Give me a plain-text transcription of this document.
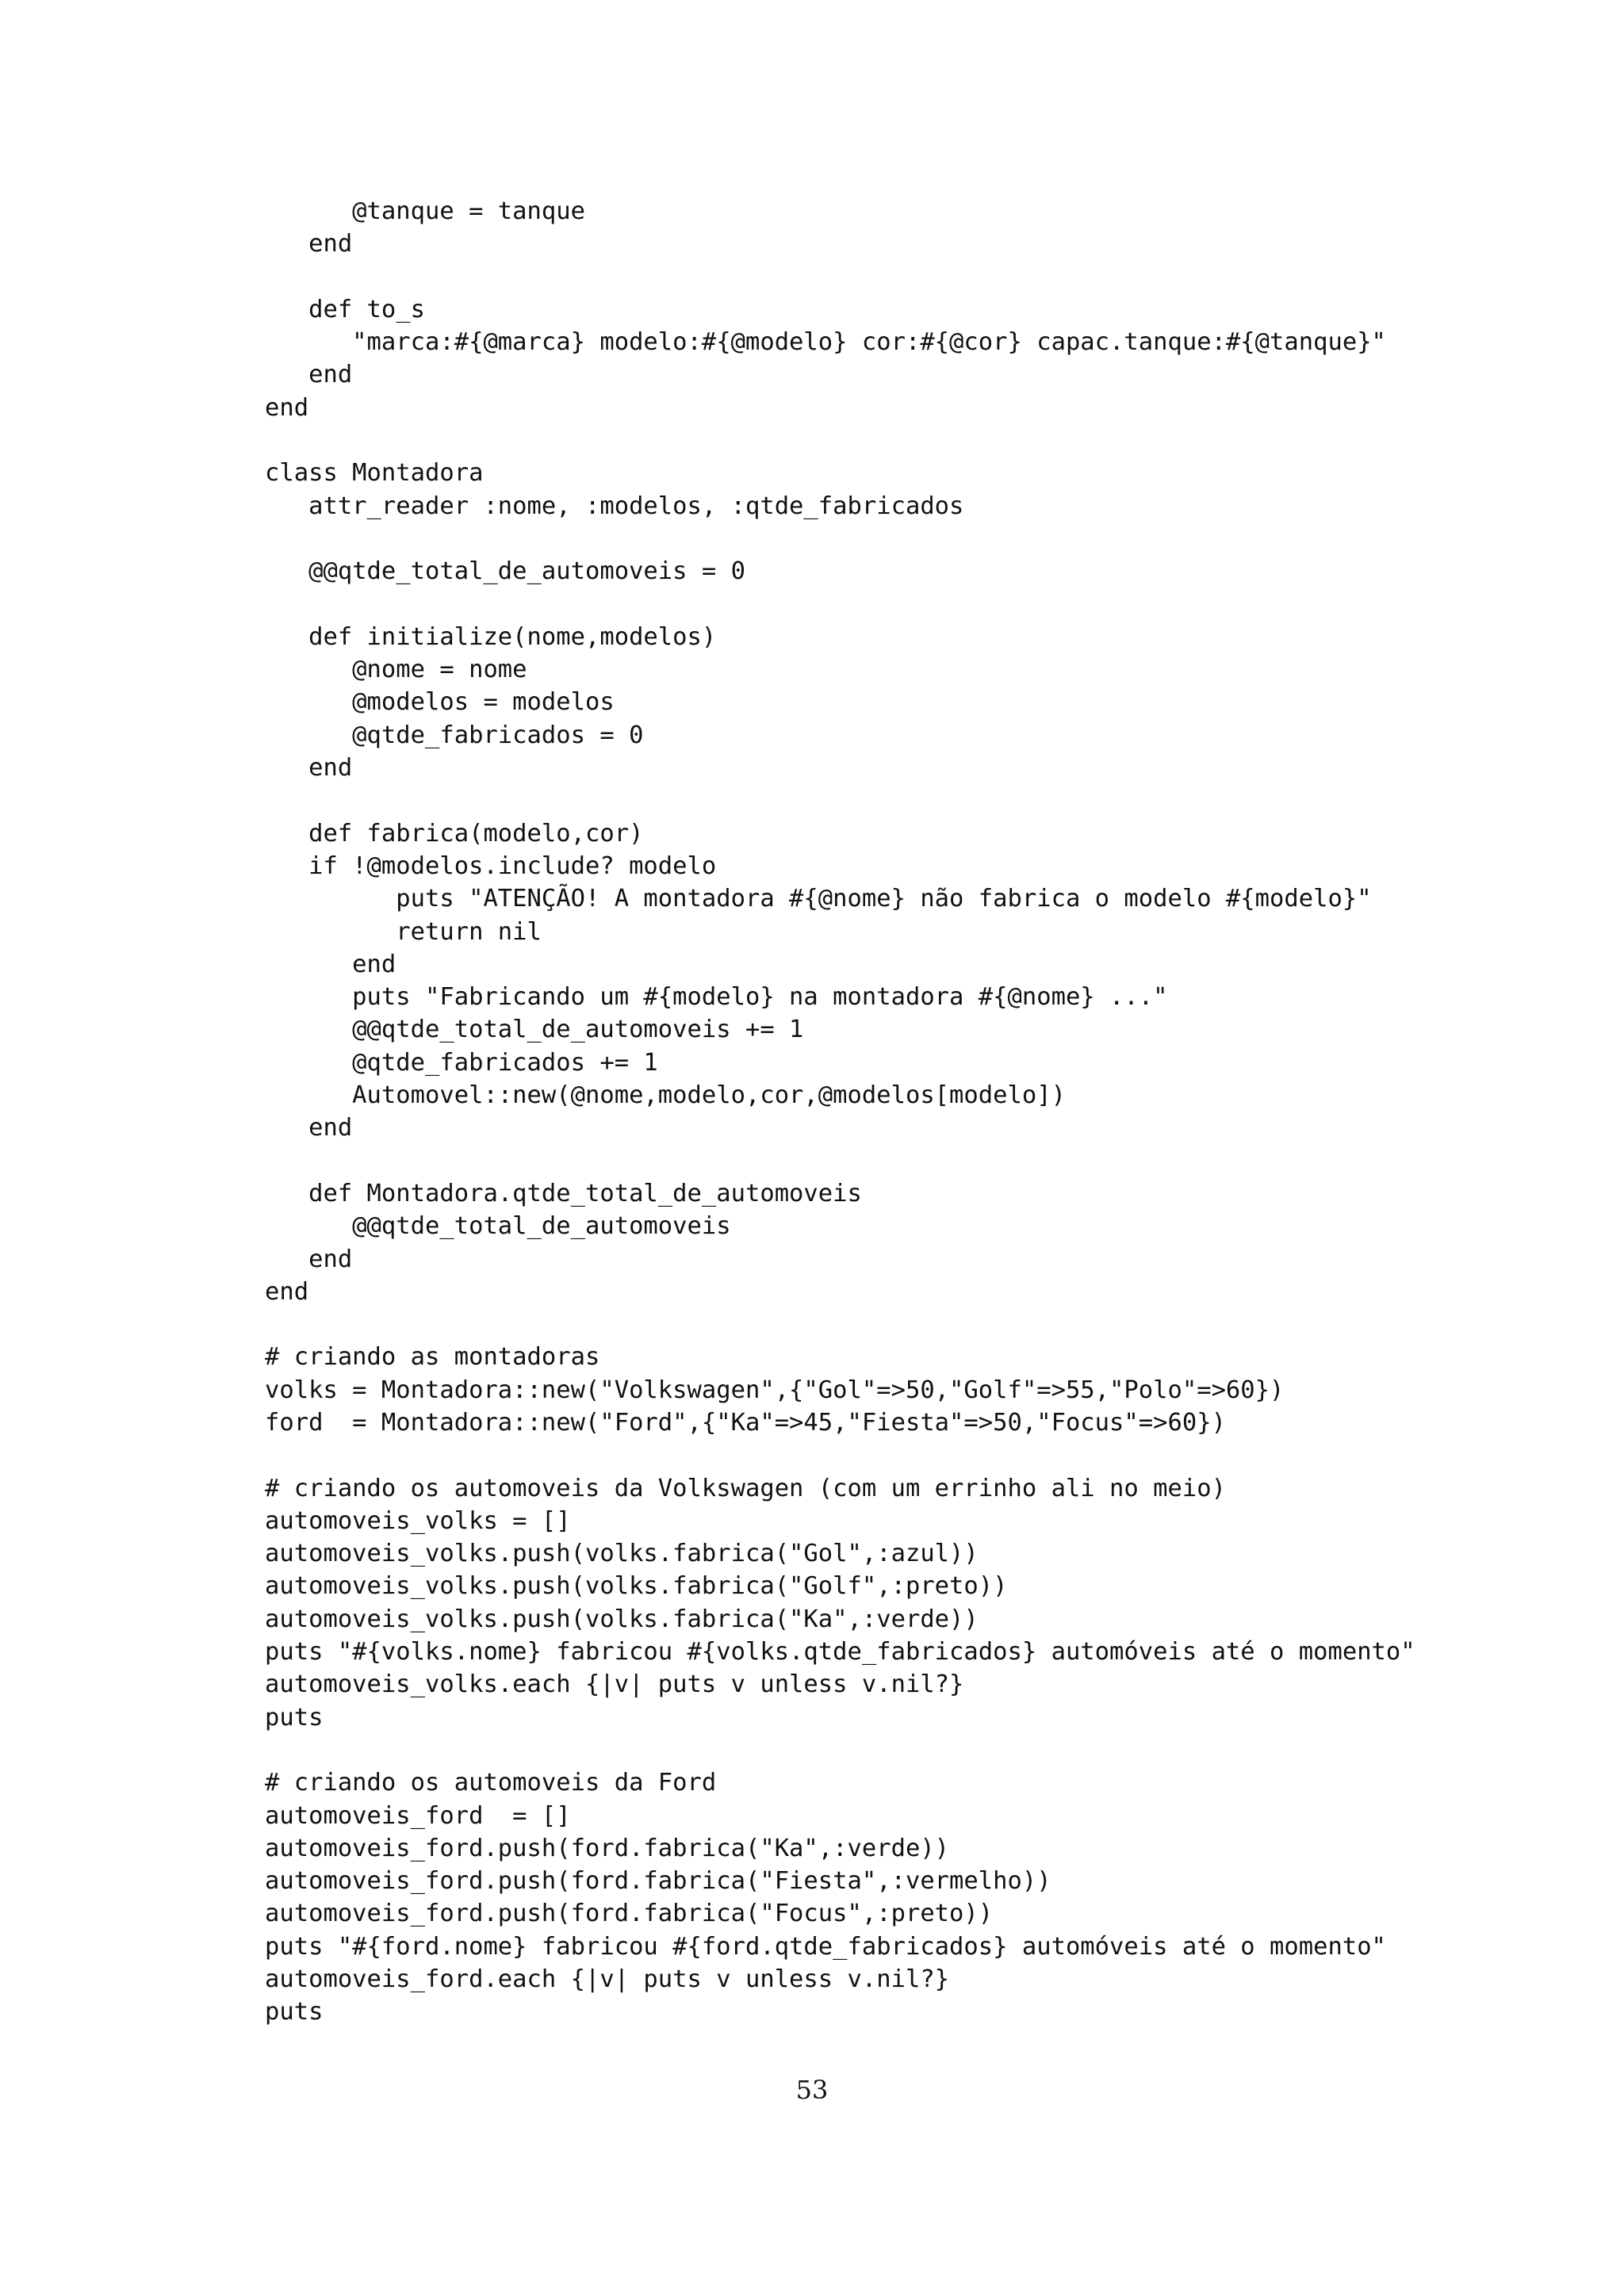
@tanque = tanque
end
def to_s
"marca:#{@marca} modelo:#{@modelo} cor:#{@cor} capac.tanque:#{@tanque}"
end
end
class Montadora
attr_reader :nome, :modelos, :qtde_fabricados
@@qtde_total_de_automoveis = 0
def initialize(nome,modelos)
@nome = nome
@modelos = modelos
@qtde_fabricados = 0
end
def fabrica(modelo,cor)
if !@modelos.include? modelo
puts "ATENÇÃO! A montadora #{@nome} não fabrica o modelo #{modelo}"
return nil
end
puts "Fabricando um #{modelo} na montadora #{@nome} ..."
@@qtde_total_de_automoveis += 1
@qtde_fabricados += 1
Automovel::new(@nome,modelo,cor,@modelos[modelo])
end
def Montadora.qtde_total_de_automoveis
@@qtde_total_de_automoveis
end
end
# criando as montadoras
volks = Montadora::new("Volkswagen",{"Gol"=>50,"Golf"=>55,"Polo"=>60})
ford  = Montadora::new("Ford",{"Ka"=>45,"Fiesta"=>50,"Focus"=>60})
# criando os automoveis da Volkswagen (com um errinho ali no meio)
automoveis_volks = []
automoveis_volks.push(volks.fabrica("Gol",:azul))
automoveis_volks.push(volks.fabrica("Golf",:preto))
automoveis_volks.push(volks.fabrica("Ka",:verde))
puts "#{volks.nome} fabricou #{volks.qtde_fabricados} automóveis até o momento"
automoveis_volks.each {|v| puts v unless v.nil?}
puts
# criando os automoveis da Ford
automoveis_ford  = []
automoveis_ford.push(ford.fabrica("Ka",:verde))
automoveis_ford.push(ford.fabrica("Fiesta",:vermelho))
automoveis_ford.push(ford.fabrica("Focus",:preto))
puts "#{ford.nome} fabricou #{ford.qtde_fabricados} automóveis até o momento"
automoveis_ford.each {|v| puts v unless v.nil?}
puts
53
